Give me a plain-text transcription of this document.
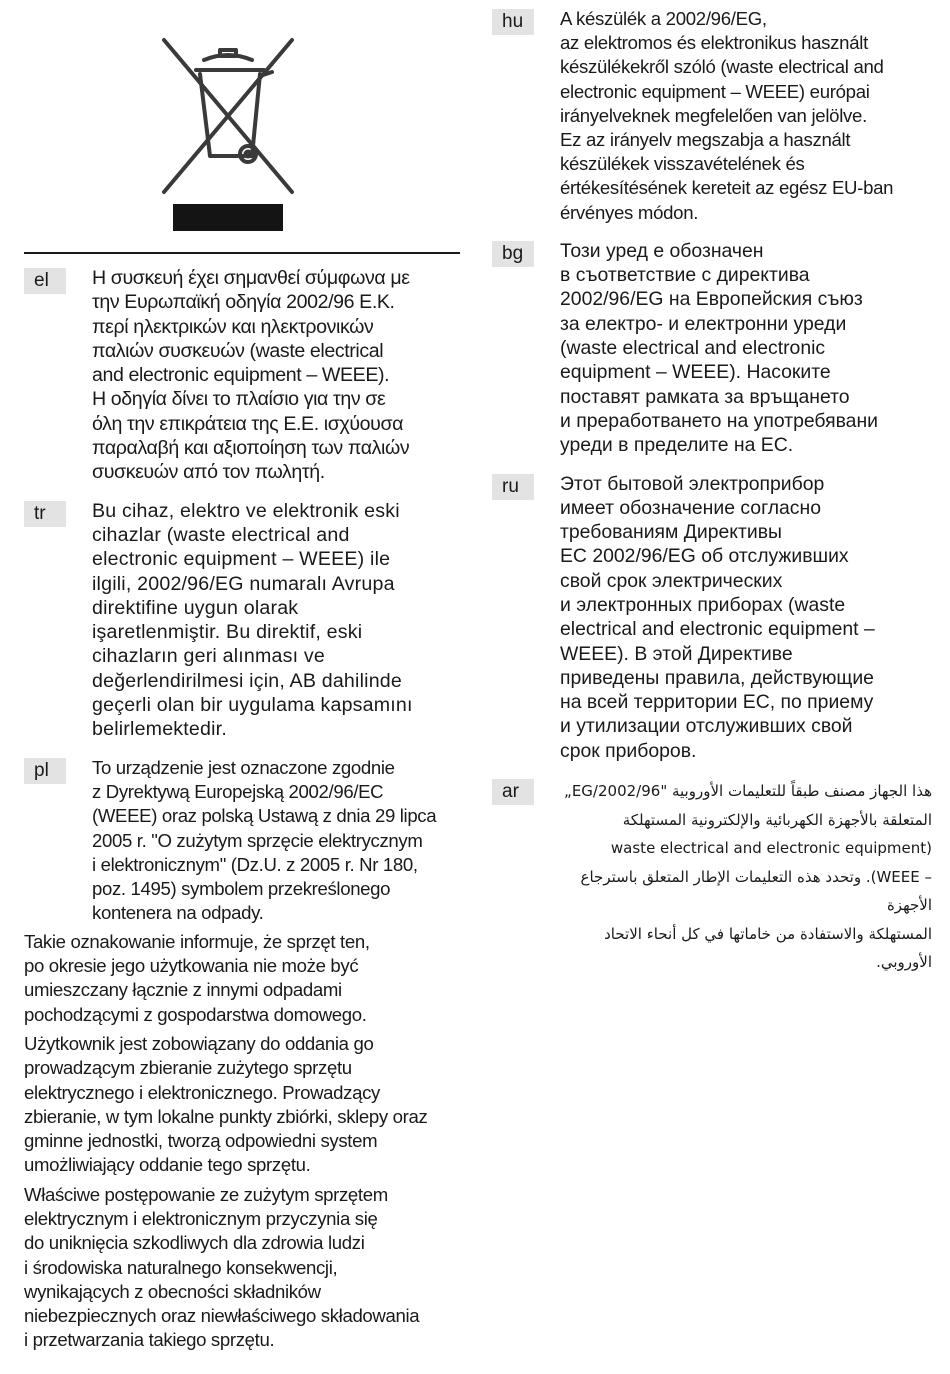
el	Η συσκευή έχει σημανθεί σύμφωνα με
την Ευρωπαϊκή οδηγία 2002/96 Ε.Κ.
περί ηλεκτρικών και ηλεκτρονικών
παλιών συσκευών (waste electrical
and electronic equipment – WEEE).
Η οδηγία δίνει το πλαίσιο για την σε
όλη την επικράτεια της Ε.Ε. ισχύουσα
παραλαβή και αξιοποίηση των παλιών
συσκευών από τον πωλητή.

tr	Bu cihaz, elektro ve elektronik eski
cihazlar (waste electrical and
electronic equipment – WEEE) ile
ilgili, 2002/96/EG numaralı Avrupa
direktifine uygun olarak
işaretlenmiştir. Bu direktif, eski
cihazların geri alınması ve
değerlendirilmesi için, AB dahilinde
geçerli olan bir uygulama kapsamını
belirlemektedir.

pl	To urządzenie jest oznaczone zgodnie
z Dyrektywą Europejską 2002/96/EC
(WEEE) oraz polską Ustawą z dnia 29 lipca
2005 r. "O zużytym sprzęcie elektrycznym
i elektronicznym" (Dz.U. z 2005 r. Nr 180,
poz. 1495) symbolem przekreślonego
kontenera na odpady.

Takie oznakowanie informuje, że sprzęt ten,
po okresie jego użytkowania nie może być
umieszczany łącznie z innymi odpadami
pochodzącymi z gospodarstwa domowego.

Użytkownik jest zobowiązany do oddania go
prowadzącym zbieranie zużytego sprzętu
elektrycznego i elektronicznego. Prowadzący
zbieranie, w tym lokalne punkty zbiórki, sklepy oraz
gminne jednostki, tworzą odpowiedni system
umożliwiający oddanie tego sprzętu.

Właściwe postępowanie ze zużytym sprzętem
elektrycznym i elektronicznym przyczynia się
do uniknięcia szkodliwych dla zdrowia ludzi
i środowiska naturalnego konsekwencji,
wynikających z obecności składników
niebezpiecznych oraz niewłaściwego składowania
i przetwarzania takiego sprzętu.

hu	A készülék a 2002/96/EG,
az elektromos és elektronikus használt
készülékekről szóló (waste electrical and
electronic equipment – WEEE) európai
irányelveknek megfelelően van jelölve.
Ez az irányelv megszabja a használt
készülékek visszavételének és
értékesítésének kereteit az egész EU-ban
érvényes módon.

bg	Този уред е обозначен
в съответствие с директива
2002/96/EG на Европейския съюз
за електро- и електронни уреди
(waste electrical and electronic
equipment – WEEE). Насоките
поставят рамката за връщането
и преработването на употребявани
уреди в пределите на ЕС.

ru	Этот бытовой электроприбор
имеет обозначение согласно
требованиям Директивы
ЕС 2002/96/EG об отслуживших
свой срок электрических
и электронных приборах (waste
electrical and electronic equipment –
WEEE). В этой Директиве
приведены правила, действующие
на всей территории ЕС, по приему
и утилизации отслуживших свой
срок приборов.

ar	هذا الجهاز مصنف طبقاً للتعليمات الأوروبية "2002/96/EG„
المتعلقة بالأجهزة الكهربائية والإلكترونية المستهلكة
(waste electrical and electronic equipment
– WEEE). وتحدد هذه التعليمات الإطار المتعلق باسترجاع الأجهزة
المستهلكة والاستفادة من خاماتها في كل أنحاء الاتحاد الأوروبي.
